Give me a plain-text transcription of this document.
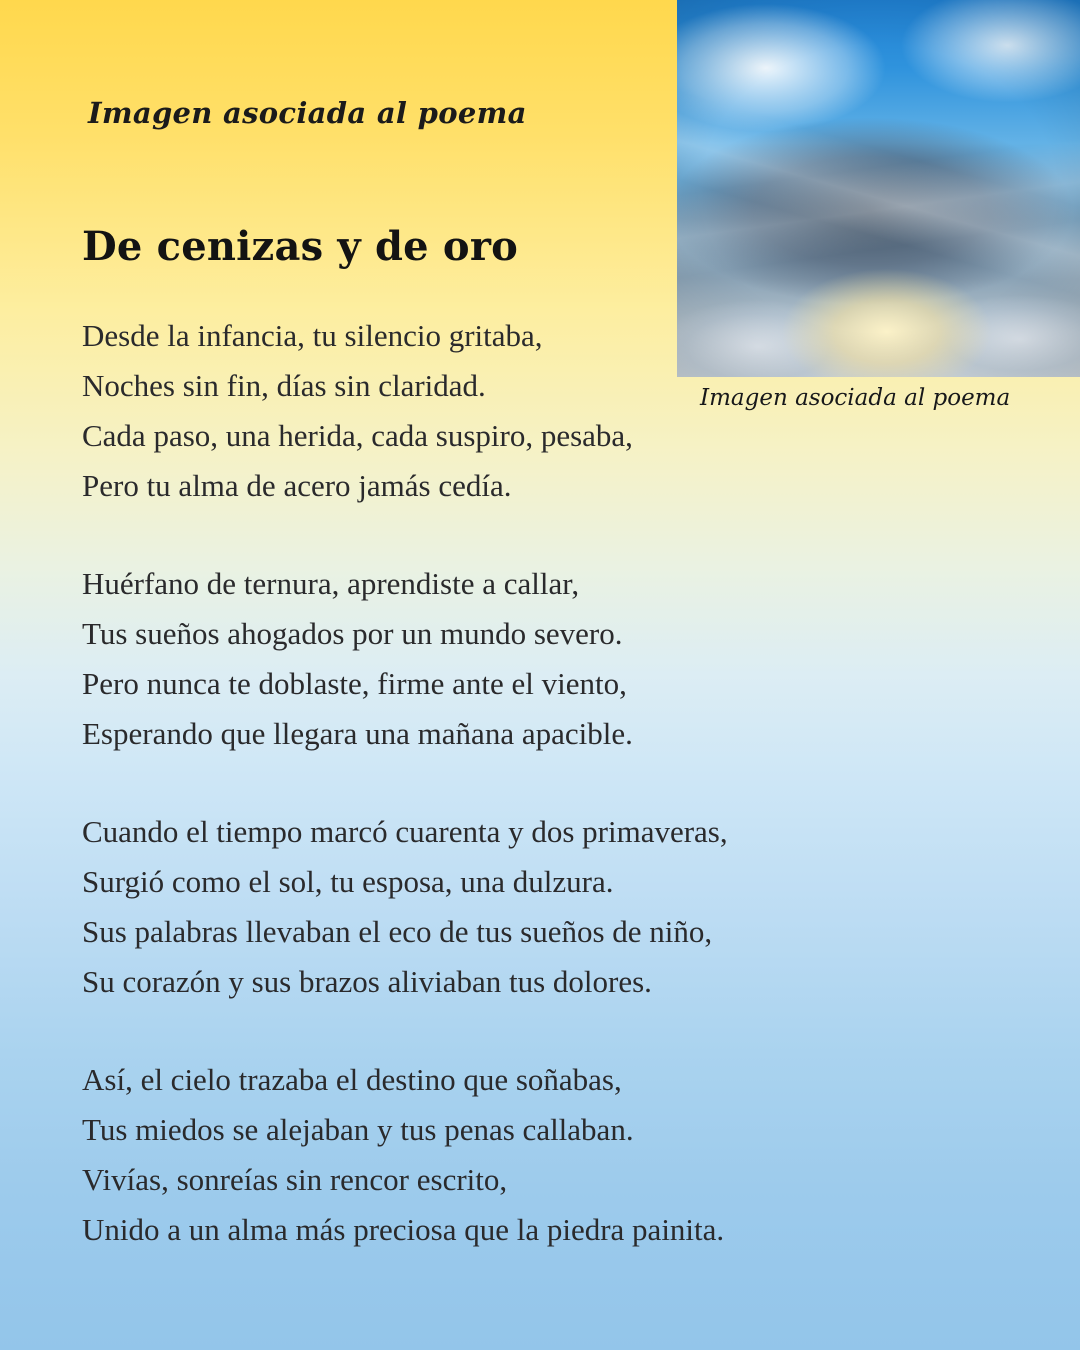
Imagen asociada al poema
Imagen asociada al poema
De cenizas y de oro
Desde la infancia, tu silencio gritaba,
Noches sin fin, días sin claridad.
Cada paso, una herida, cada suspiro, pesaba,
Pero tu alma de acero jamás cedía.
Huérfano de ternura, aprendiste a callar,
Tus sueños ahogados por un mundo severo.
Pero nunca te doblaste, firme ante el viento,
Esperando que llegara una mañana apacible.
Cuando el tiempo marcó cuarenta y dos primaveras,
Surgió como el sol, tu esposa, una dulzura.
Sus palabras llevaban el eco de tus sueños de niño,
Su corazón y sus brazos aliviaban tus dolores.
Así, el cielo trazaba el destino que soñabas,
Tus miedos se alejaban y tus penas callaban.
Vivías, sonreías sin rencor escrito,
Unido a un alma más preciosa que la piedra painita.
